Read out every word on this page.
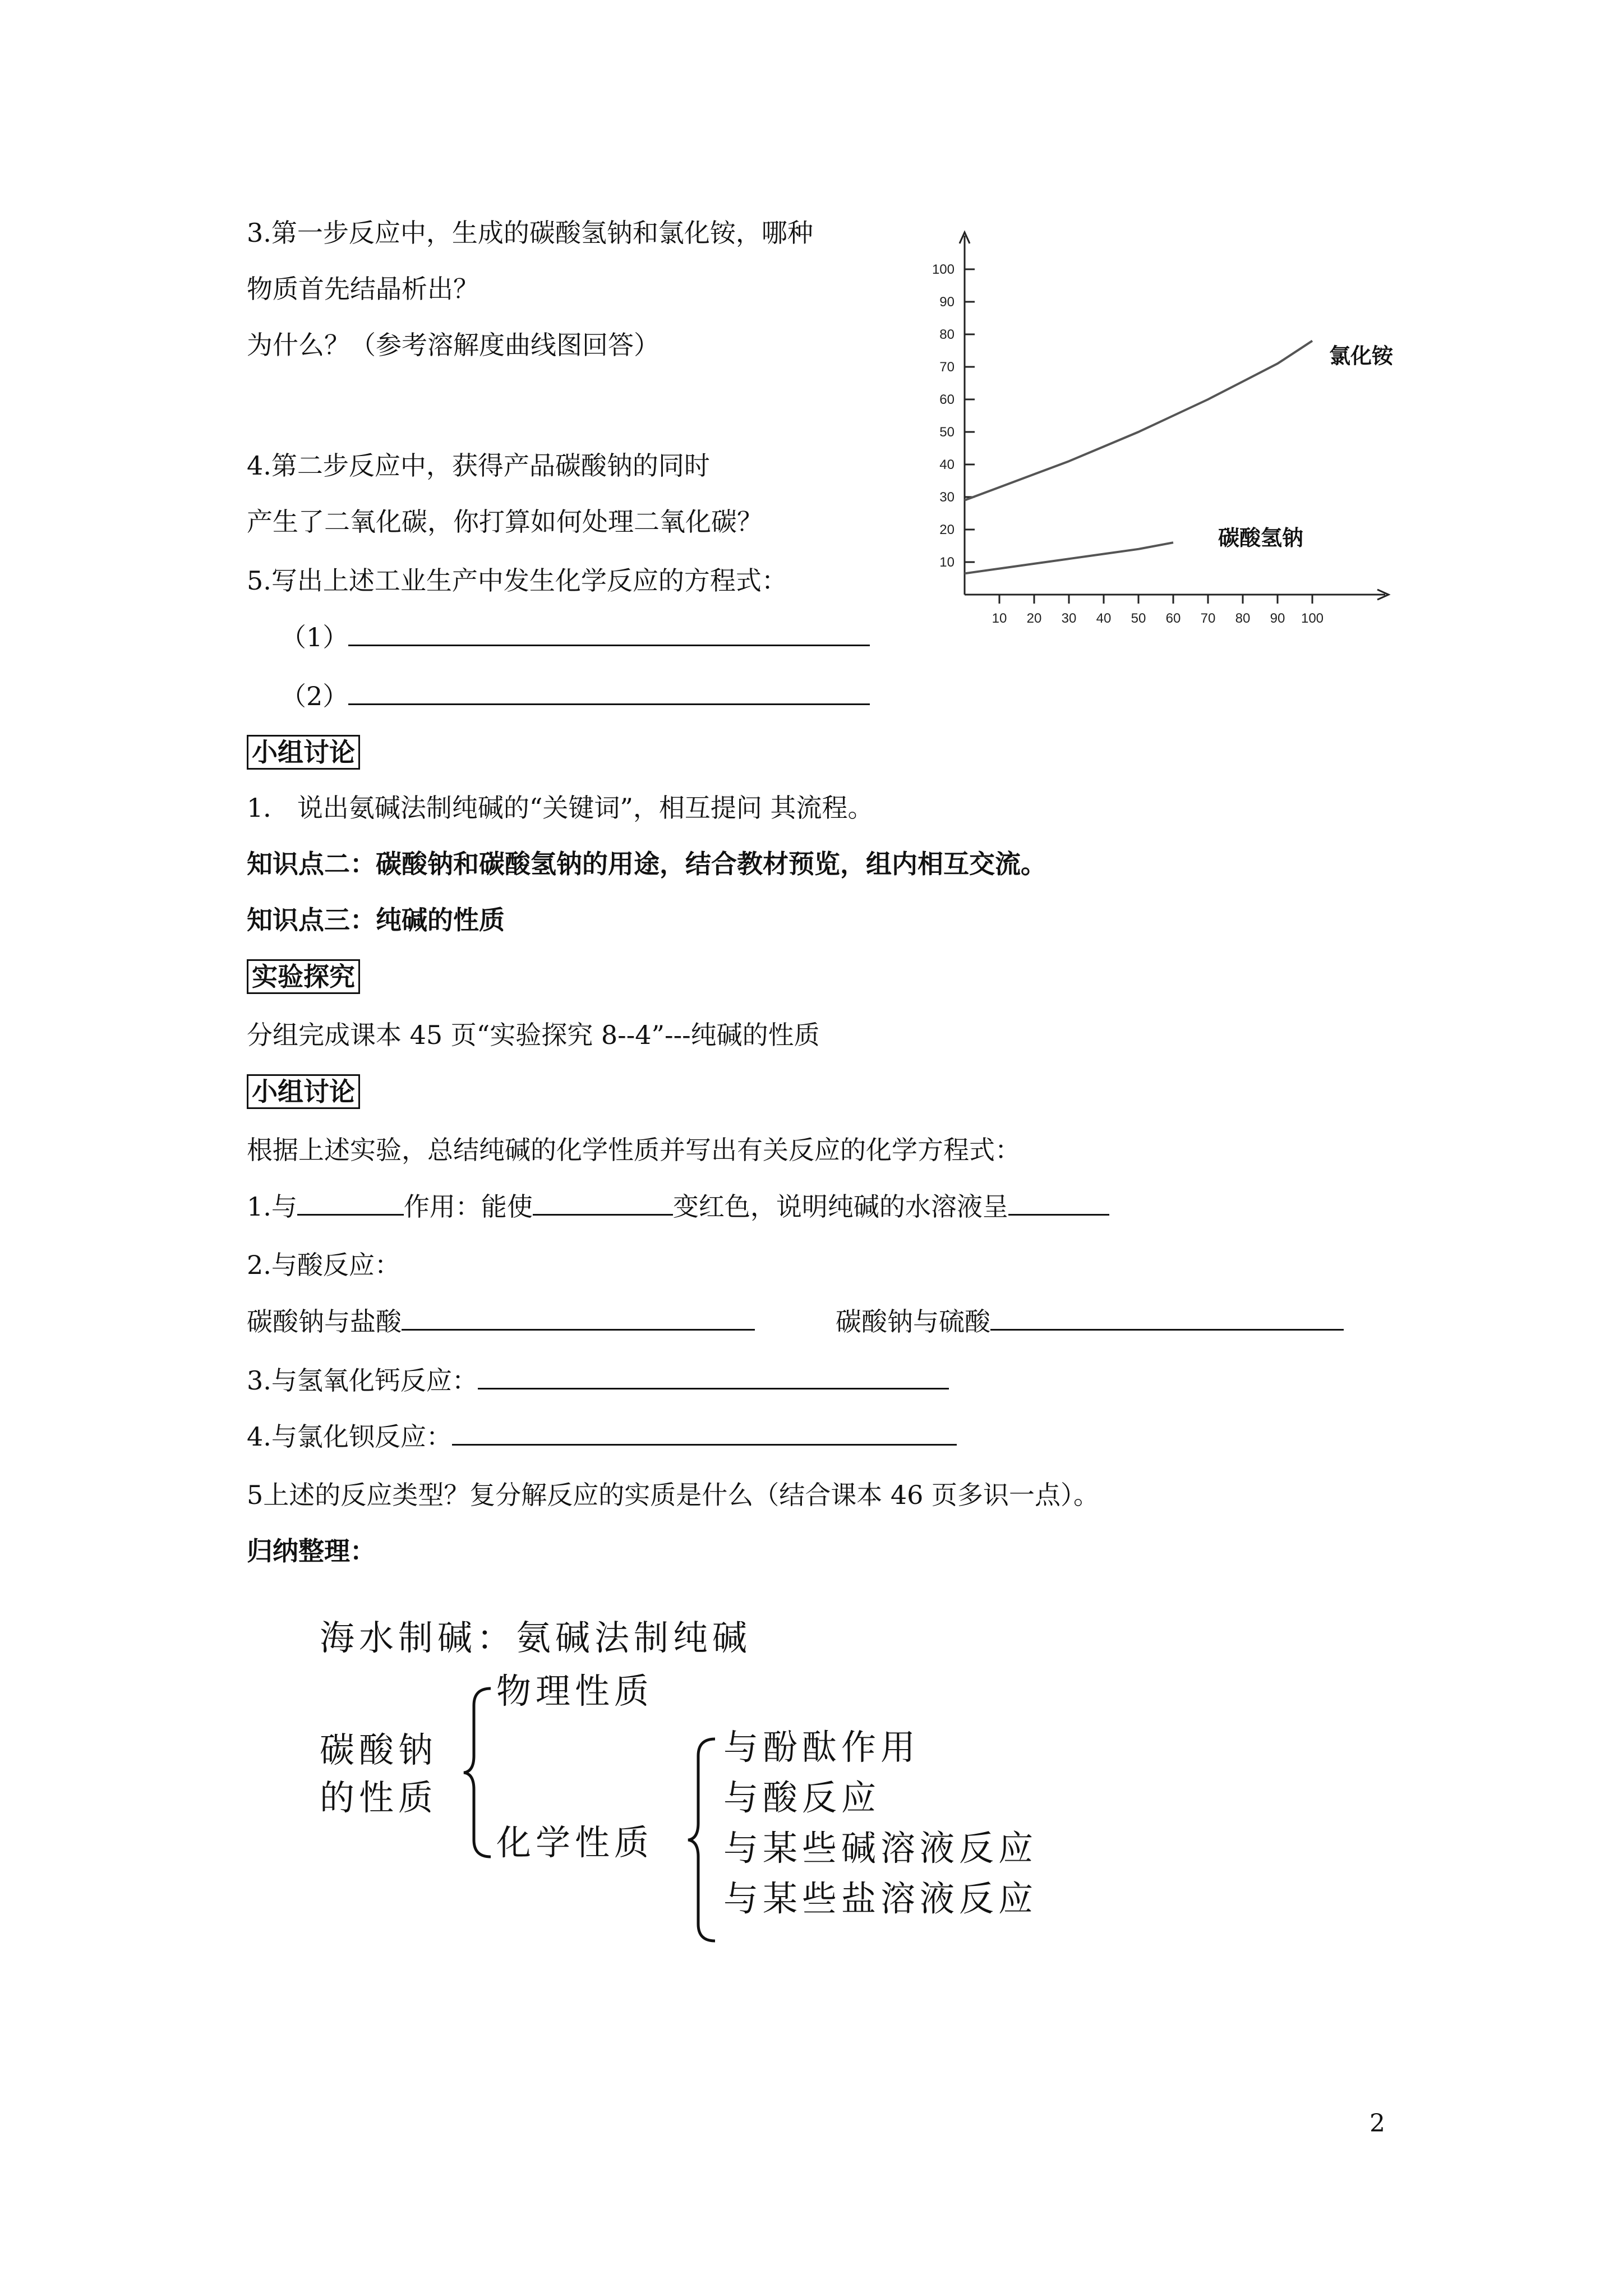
3.第一步反应中，生成的碳酸氢钠和氯化铵，哪种
物质首先结晶析出？
为什么？（参考溶解度曲线图回答）
4.第二步反应中，获得产品碳酸钠的同时
产生了二氧化碳，你打算如何处理二氧化碳？
5.写出上述工业生产中发生化学反应的方程式：
（1）
（2）
10
20
30
40
50
60
70
80
90
100
10 20 30 40 50 60 70 80 90 100
氯化铵
碳酸氢钠
小组讨论
1． 说出氨碱法制纯碱的“关键词”，相互提问 其流程。
知识点二：碳酸钠和碳酸氢钠的用途，结合教材预览，组内相互交流。
知识点三：纯碱的性质
实验探究
分组完成课本 45 页“实验探究 8--4”---纯碱的性质
小组讨论
根据上述实验，总结纯碱的化学性质并写出有关反应的化学方程式：
1.与	作用：能使	变红色，说明纯碱的水溶液呈
2.与酸反应：
碳酸钠与盐酸	碳酸钠与硫酸
3.与氢氧化钙反应：
4.与氯化钡反应：
5上述的反应类型？复分解反应的实质是什么（结合课本 46 页多识一点）。
归纳整理：
海水制碱：氨碱法制纯碱
碳酸钠
的性质
物理性质
化学性质
与酚酞作用
与酸反应
与某些碱溶液反应
与某些盐溶液反应
2
